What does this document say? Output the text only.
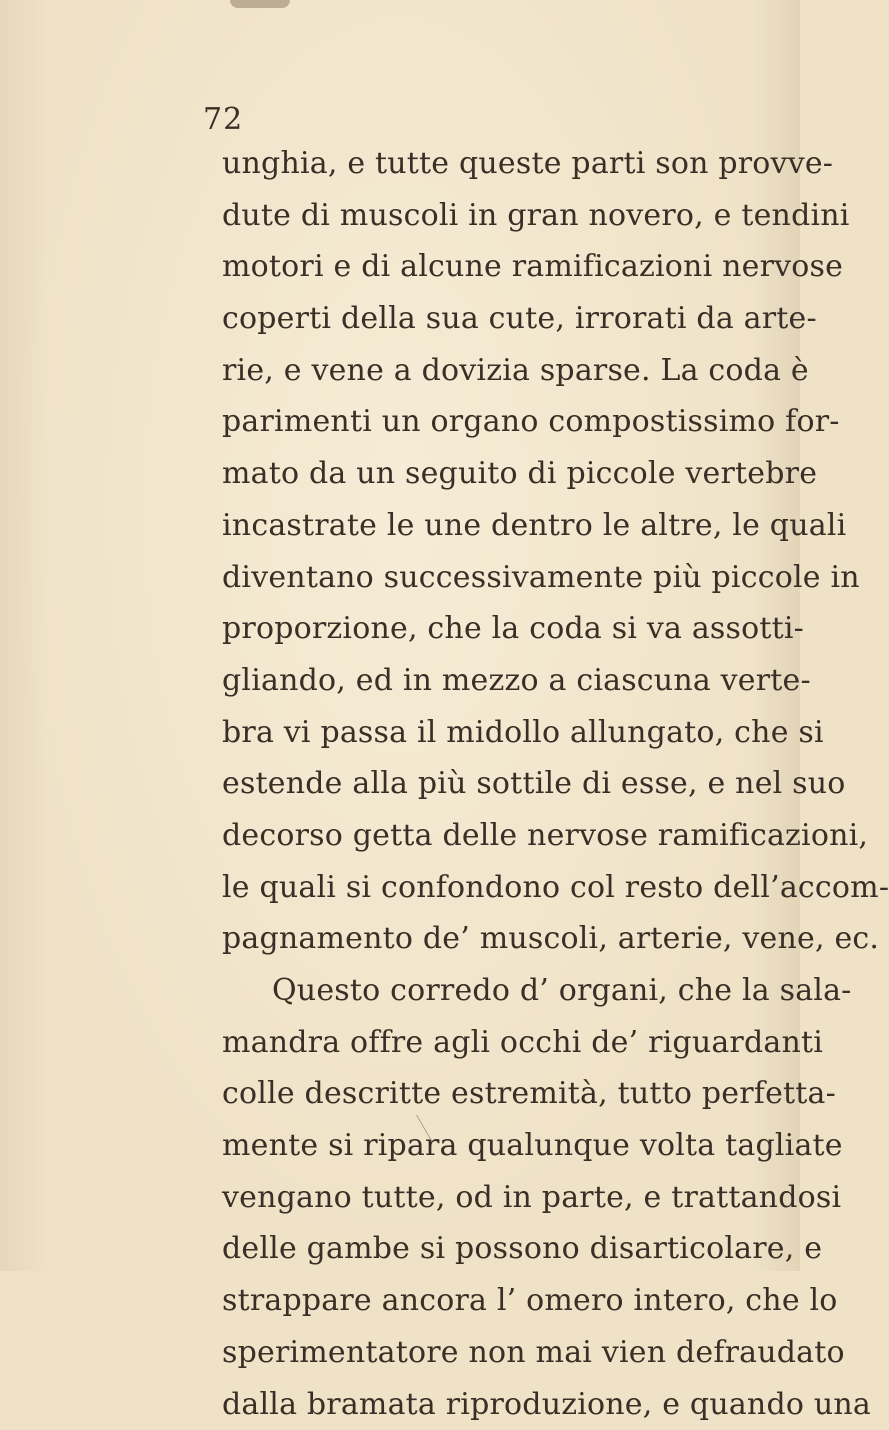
72
unghia, e tutte queste parti son provve-
dute di muscoli in gran novero, e tendini
motori e di alcune ramificazioni nervose
coperti della sua cute, irrorati da arte-
rie, e vene a dovizia sparse. La coda è
parimenti un organo compostissimo for-
mato da un seguito di piccole vertebre
incastrate le une dentro le altre, le quali
diventano successivamente più piccole in
proporzione, che la coda si va assotti-
gliando, ed in mezzo a ciascuna verte-
bra vi passa il midollo allungato, che si
estende alla più sottile di esse, e nel suo
decorso getta delle nervose ramificazioni,
le quali si confondono col resto dell’accom-
pagnamento de’ muscoli, arterie, vene, ec.
Questo corredo d’ organi, che la sala-
mandra offre agli occhi de’ riguardanti
colle descritte estremità, tutto perfetta-
mente si ripara qualunque volta tagliate
vengano tutte, od in parte, e trattandosi
delle gambe si possono disarticolare, e
strappare ancora l’ omero intero, che lo
sperimentatore non mai vien defraudato
dalla bramata riproduzione, e quando una
